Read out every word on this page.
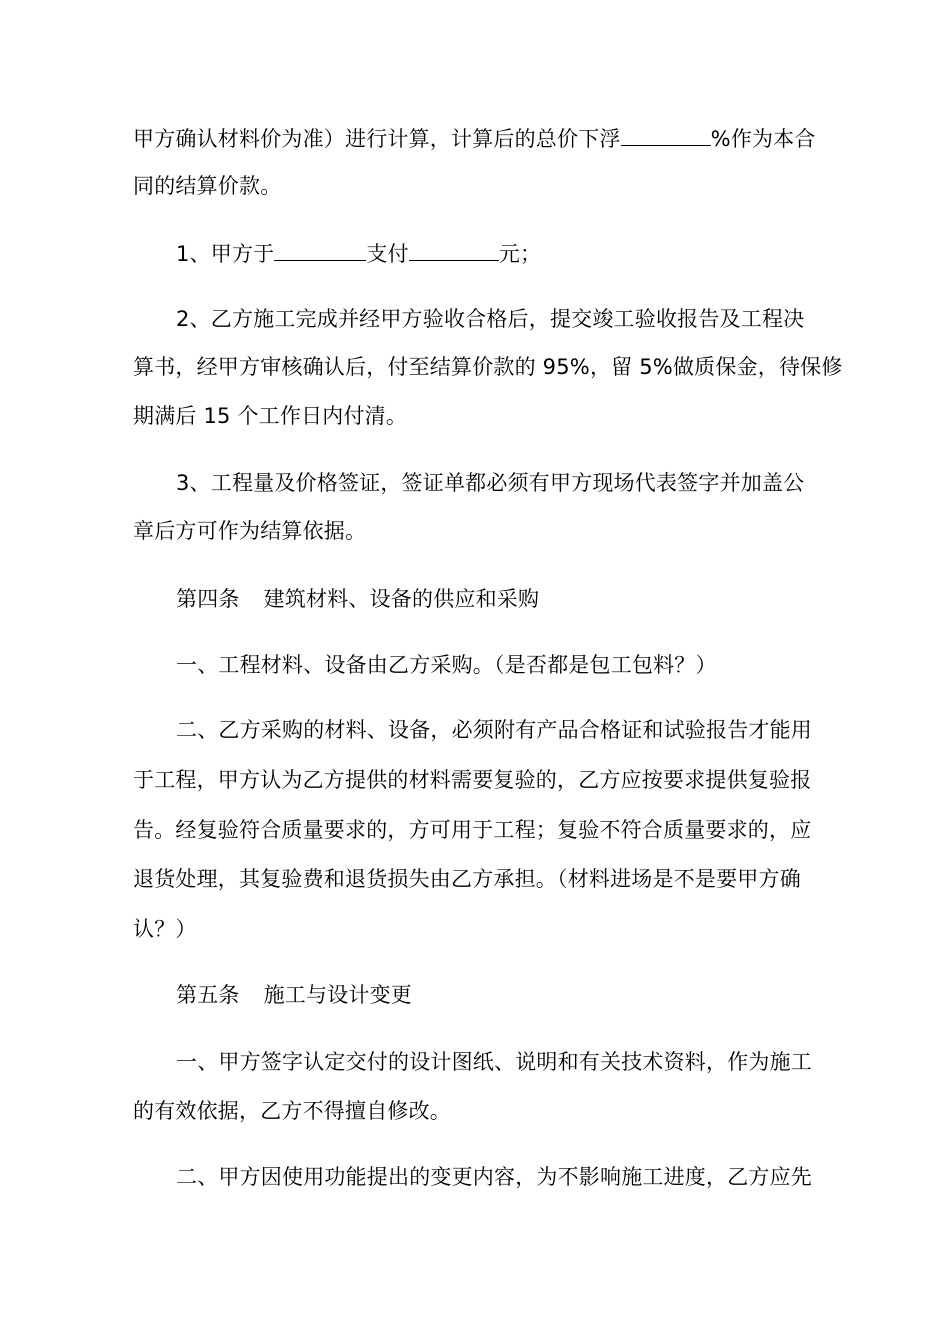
甲方确认材料价为准）进行计算，计算后的总价下浮	%作为本合
同的结算价款。
1、甲方于	支付	元；
2、乙方施工完成并经甲方验收合格后，提交竣工验收报告及工程决
算书，经甲方审核确认后，付至结算价款的 95%，留 5%做质保金，待保修
期满后 15 个工作日内付清。
3、工程量及价格签证，签证单都必须有甲方现场代表签字并加盖公
章后方可作为结算依据。
第四条 建筑材料、设备的供应和采购
一、工程材料、设备由乙方采购。（是否都是包工包料？）
二、乙方采购的材料、设备，必须附有产品合格证和试验报告才能用
于工程，甲方认为乙方提供的材料需要复验的，乙方应按要求提供复验报
告。经复验符合质量要求的，方可用于工程；复验不符合质量要求的，应
退货处理，其复验费和退货损失由乙方承担。（材料进场是不是要甲方确
认？）
第五条 施工与设计变更
一、甲方签字认定交付的设计图纸、说明和有关技术资料，作为施工
的有效依据，乙方不得擅自修改。
二、甲方因使用功能提出的变更内容，为不影响施工进度，乙方应先
